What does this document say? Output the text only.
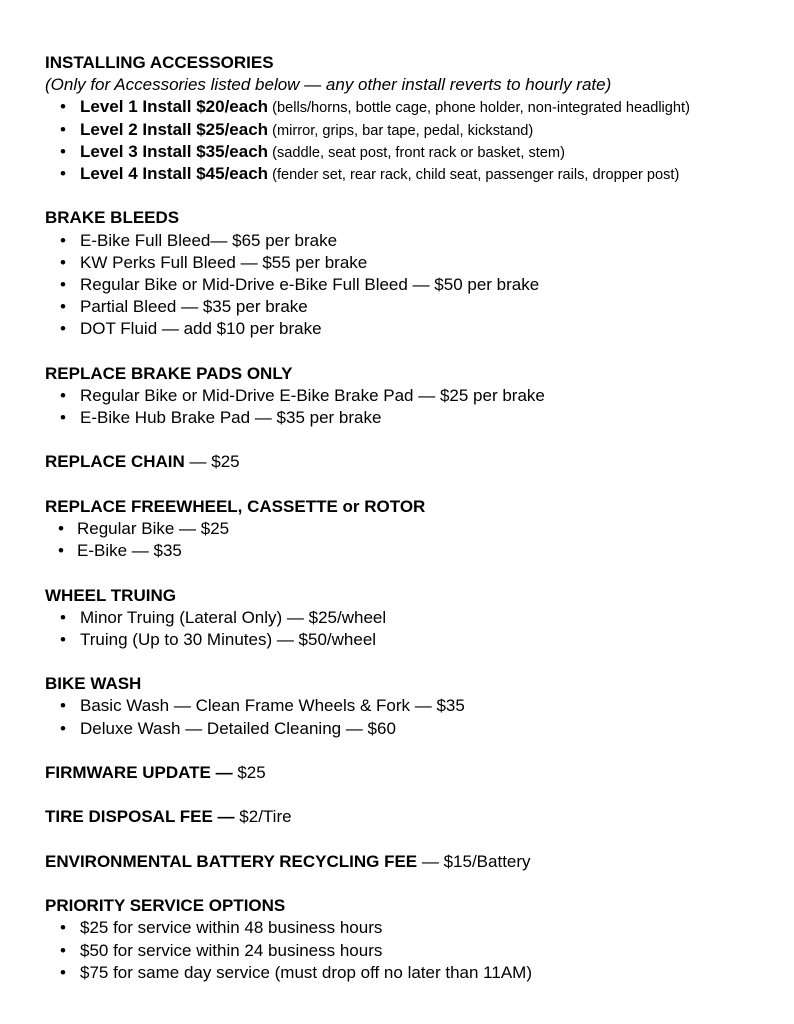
INSTALLING ACCESSORIES
(Only for Accessories listed below — any other install reverts to hourly rate)
• Level 1 Install $20/each (bells/horns, bottle cage, phone holder, non-integrated headlight)
• Level 2 Install $25/each (mirror, grips, bar tape, pedal, kickstand)
• Level 3 Install $35/each (saddle, seat post, front rack or basket, stem)
• Level 4 Install $45/each (fender set, rear rack, child seat, passenger rails, dropper post)
BRAKE BLEEDS
• E-Bike Full Bleed— $65 per brake
• KW Perks Full Bleed — $55 per brake
• Regular Bike or Mid-Drive e-Bike Full Bleed — $50 per brake
• Partial Bleed — $35 per brake
• DOT Fluid — add $10 per brake
REPLACE BRAKE PADS ONLY
• Regular Bike or Mid-Drive E-Bike Brake Pad — $25 per brake
• E-Bike Hub Brake Pad — $35 per brake
REPLACE CHAIN — $25
REPLACE FREEWHEEL, CASSETTE or ROTOR
• Regular Bike — $25
• E-Bike — $35
WHEEL TRUING
• Minor Truing (Lateral Only) — $25/wheel
• Truing (Up to 30 Minutes) — $50/wheel
BIKE WASH
• Basic Wash — Clean Frame Wheels & Fork — $35
• Deluxe Wash — Detailed Cleaning — $60
FIRMWARE UPDATE — $25
TIRE DISPOSAL FEE — $2/Tire
ENVIRONMENTAL BATTERY RECYCLING FEE — $15/Battery
PRIORITY SERVICE OPTIONS
• $25 for service within 48 business hours
• $50 for service within 24 business hours
• $75 for same day service (must drop off no later than 11AM)
